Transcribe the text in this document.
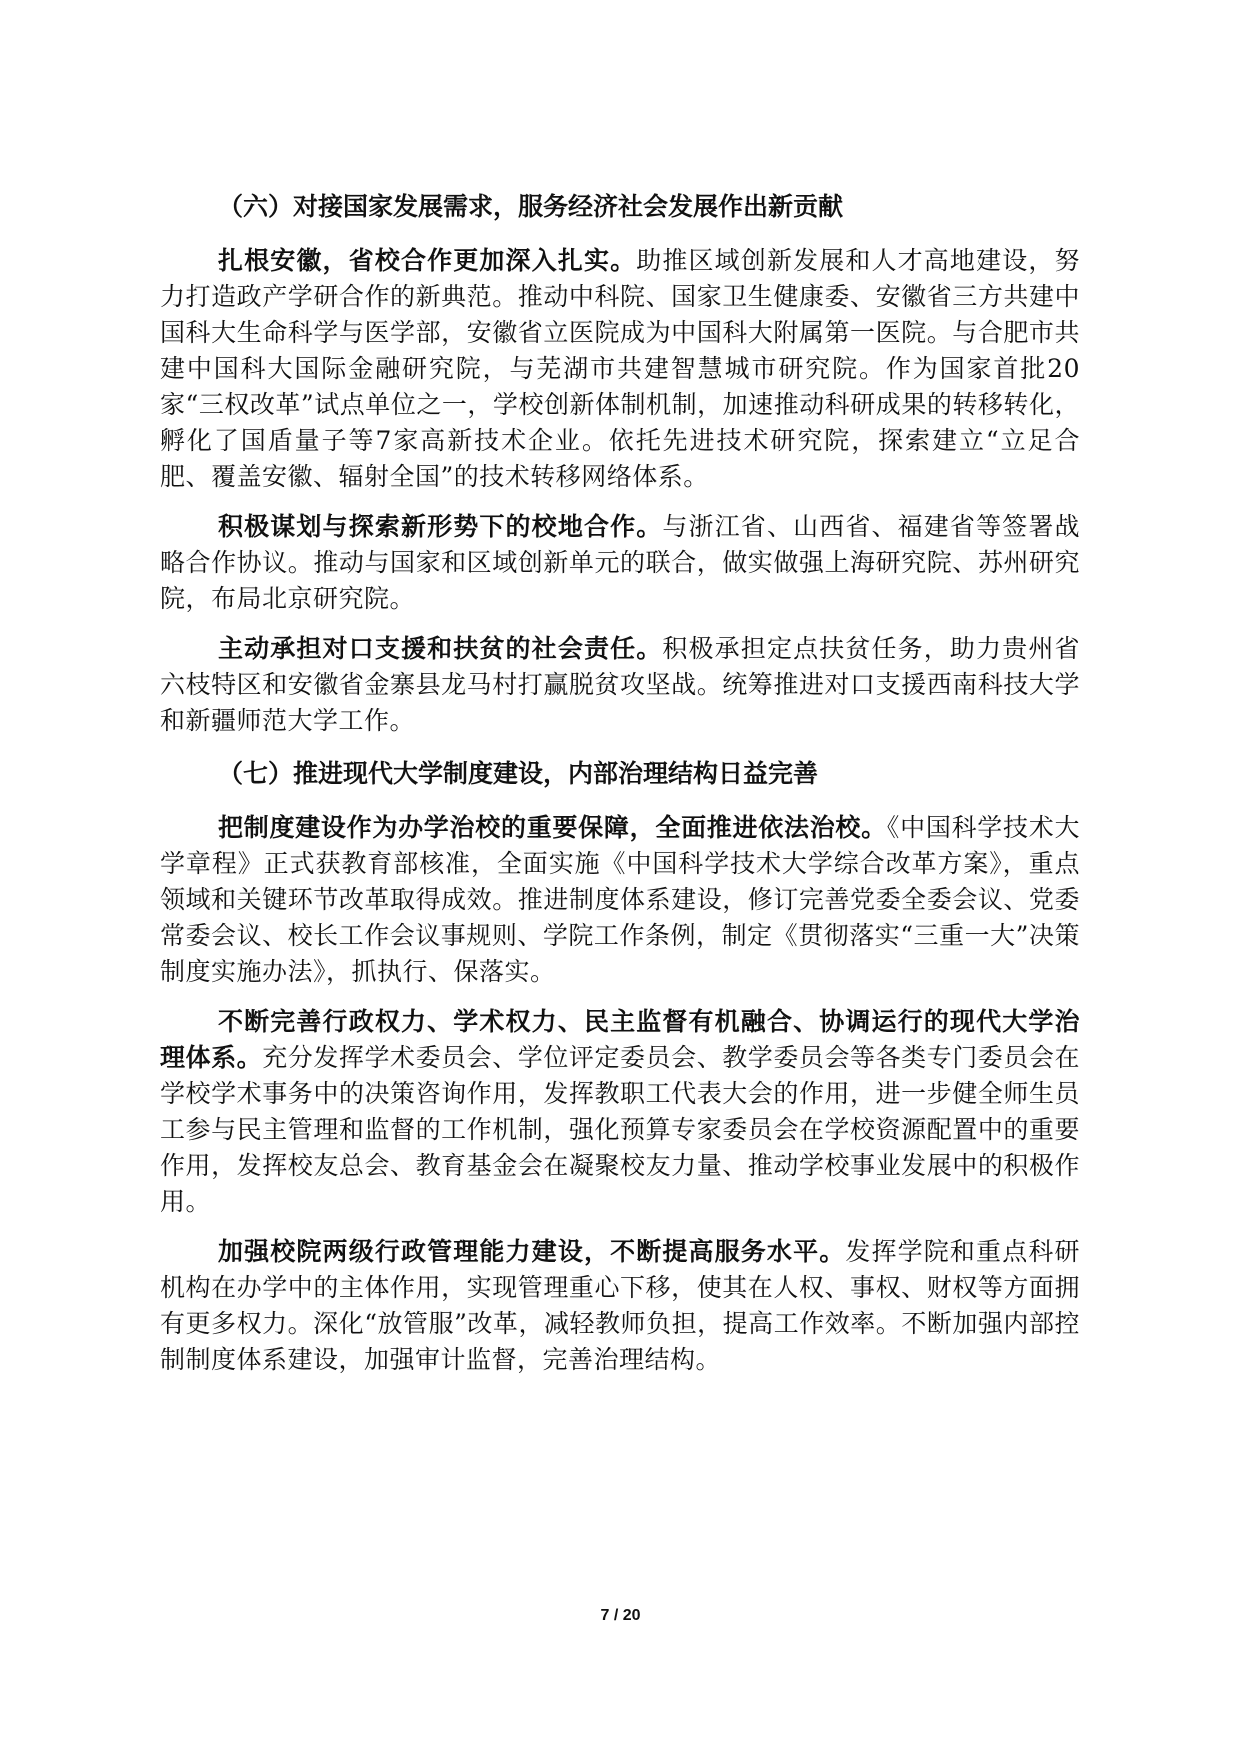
（六）对接国家发展需求，服务经济社会发展作出新贡献

扎根安徽，省校合作更加深入扎实。助推区域创新发展和人才高地建设，努力打造政产学研合作的新典范。推动中科院、国家卫生健康委、安徽省三方共建中国科大生命科学与医学部，安徽省立医院成为中国科大附属第一医院。与合肥市共建中国科大国际金融研究院，与芜湖市共建智慧城市研究院。作为国家首批20家“三权改革”试点单位之一，学校创新体制机制，加速推动科研成果的转移转化，孵化了国盾量子等7家高新技术企业。依托先进技术研究院，探索建立“立足合肥、覆盖安徽、辐射全国”的技术转移网络体系。

积极谋划与探索新形势下的校地合作。与浙江省、山西省、福建省等签署战略合作协议。推动与国家和区域创新单元的联合，做实做强上海研究院、苏州研究院，布局北京研究院。

主动承担对口支援和扶贫的社会责任。积极承担定点扶贫任务，助力贵州省六枝特区和安徽省金寨县龙马村打赢脱贫攻坚战。统筹推进对口支援西南科技大学和新疆师范大学工作。

（七）推进现代大学制度建设，内部治理结构日益完善

把制度建设作为办学治校的重要保障，全面推进依法治校。《中国科学技术大学章程》正式获教育部核准，全面实施《中国科学技术大学综合改革方案》，重点领域和关键环节改革取得成效。推进制度体系建设，修订完善党委全委会议、党委常委会议、校长工作会议事规则、学院工作条例，制定《贯彻落实“三重一大”决策制度实施办法》，抓执行、保落实。

不断完善行政权力、学术权力、民主监督有机融合、协调运行的现代大学治理体系。充分发挥学术委员会、学位评定委员会、教学委员会等各类专门委员会在学校学术事务中的决策咨询作用，发挥教职工代表大会的作用，进一步健全师生员工参与民主管理和监督的工作机制，强化预算专家委员会在学校资源配置中的重要作用，发挥校友总会、教育基金会在凝聚校友力量、推动学校事业发展中的积极作用。

加强校院两级行政管理能力建设，不断提高服务水平。发挥学院和重点科研机构在办学中的主体作用，实现管理重心下移，使其在人权、事权、财权等方面拥有更多权力。深化“放管服”改革，减轻教师负担，提高工作效率。不断加强内部控制制度体系建设，加强审计监督，完善治理结构。

7 / 20
